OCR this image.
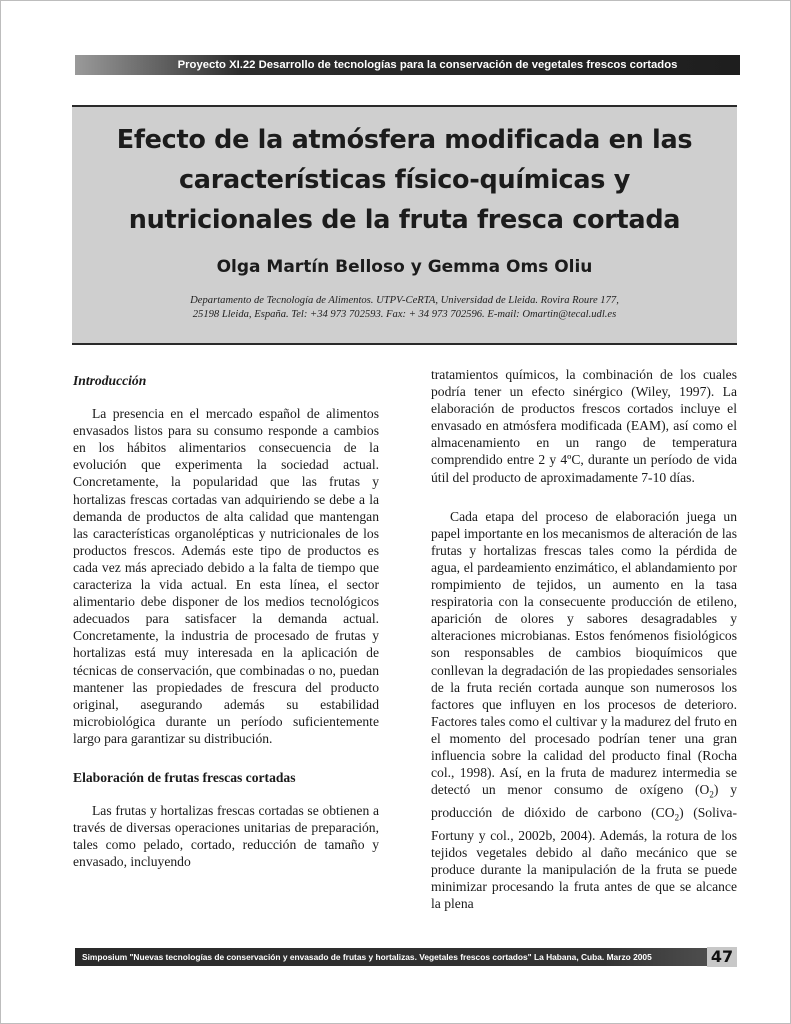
Proyecto XI.22 Desarrollo de tecnologías para la conservación de vegetales frescos cortados
Efecto de la atmósfera modificada en las
características físico-químicas y
nutricionales de la fruta fresca cortada
Olga Martín Belloso y Gemma Oms Oliu
Departamento de Tecnología de Alimentos. UTPV-CeRTA, Universidad de Lleida. Rovira Roure 177,
25198 Lleida, España. Tel: +34 973 702593. Fax: + 34 973 702596. E-mail: Omartin@tecal.udl.es

Introducción

La presencia en el mercado español de alimentos envasados listos para su consumo responde a cambios en los hábitos alimentarios consecuencia de la evolución que experimenta la sociedad actual. Concretamente, la popularidad que las frutas y hortalizas frescas cortadas van adquiriendo se debe a la demanda de productos de alta calidad que mantengan las características organolépticas y nutricionales de los productos frescos. Además este tipo de productos es cada vez más apreciado debido a la falta de tiempo que caracteriza la vida actual. En esta línea, el sector alimentario debe disponer de los medios tecnológicos adecuados para satisfacer la demanda actual. Concretamente, la industria de procesado de frutas y hortalizas está muy interesada en la aplicación de técnicas de conservación, que combinadas o no, puedan mantener las propiedades de frescura del producto original, asegurando además su estabilidad microbiológica durante un período suficientemente largo para garantizar su distribución.

Elaboración de frutas frescas cortadas

Las frutas y hortalizas frescas cortadas se obtienen a través de diversas operaciones unitarias de preparación, tales como pelado, cortado, reducción de tamaño y envasado, incluyendo

tratamientos químicos, la combinación de los cuales podría tener un efecto sinérgico (Wiley, 1997). La elaboración de productos frescos cortados incluye el envasado en atmósfera modificada (EAM), así como el almacenamiento en un rango de temperatura comprendido entre 2 y 4ºC, durante un período de vida útil del producto de aproximadamente 7-10 días.

Cada etapa del proceso de elaboración juega un papel importante en los mecanismos de alteración de las frutas y hortalizas frescas tales como la pérdida de agua, el pardeamiento enzimático, el ablandamiento por rompimiento de tejidos, un aumento en la tasa respiratoria con la consecuente producción de etileno, aparición de olores y sabores desagradables y alteraciones microbianas. Estos fenómenos fisiológicos son responsables de cambios bioquímicos que conllevan la degradación de las propiedades sensoriales de la fruta recién cortada aunque son numerosos los factores que influyen en los procesos de deterioro. Factores tales como el cultivar y la madurez del fruto en el momento del procesado podrían tener una gran influencia sobre la calidad del producto final (Rocha col., 1998). Así, en la fruta de madurez intermedia se detectó un menor consumo de oxígeno $(O_2)$ y producción de dióxido de carbono $(CO_2)$ (Soliva-Fortuny y col., 2002b, 2004). Además, la rotura de los tejidos vegetales debido al daño mecánico que se produce durante la manipulación de la fruta se puede minimizar procesando la fruta antes de que se alcance la plena

Simposium "Nuevas tecnologías de conservación y envasado de frutas y hortalizas. Vegetales frescos cortados" La Habana, Cuba. Marzo 2005	47
